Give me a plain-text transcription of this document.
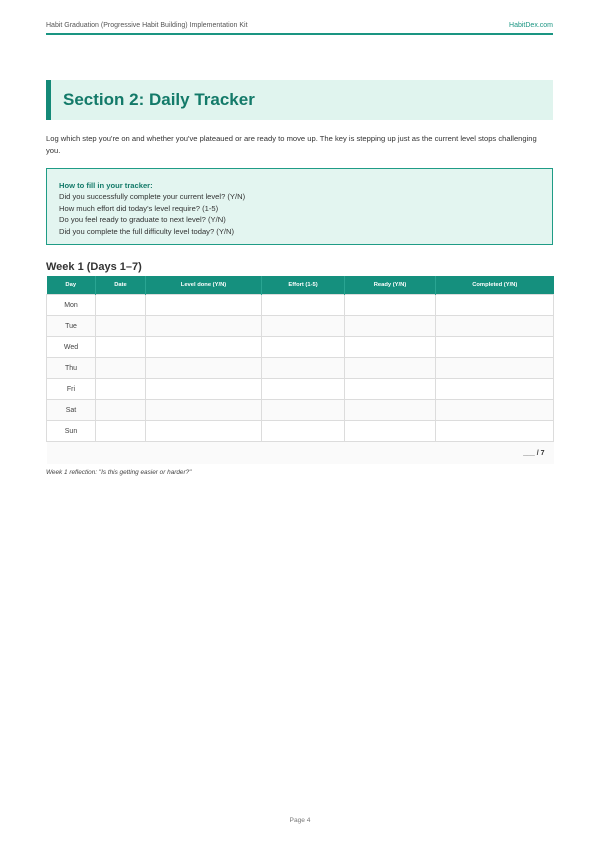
Habit Graduation (Progressive Habit Building) Implementation Kit	HabitDex.com
Section 2: Daily Tracker

Log which step you're on and whether you've plateaued or are ready to move up. The key is stepping up just as the current level stops challenging you.

How to fill in your tracker:
Did you successfully complete your current level? (Y/N)
How much effort did today's level require? (1-5)
Do you feel ready to graduate to next level? (Y/N)
Did you complete the full difficulty level today? (Y/N)
Week 1 (Days 1–7)
Day	Date	Level done (Y/N)	Effort (1-5)	Ready (Y/N)	Completed (Y/N)
Mon					
Tue					
Wed					
Thu					
Fri					
Sat					
Sun					
___ / 7					
Week 1 reflection: "Is this getting easier or harder?"
Page 4
